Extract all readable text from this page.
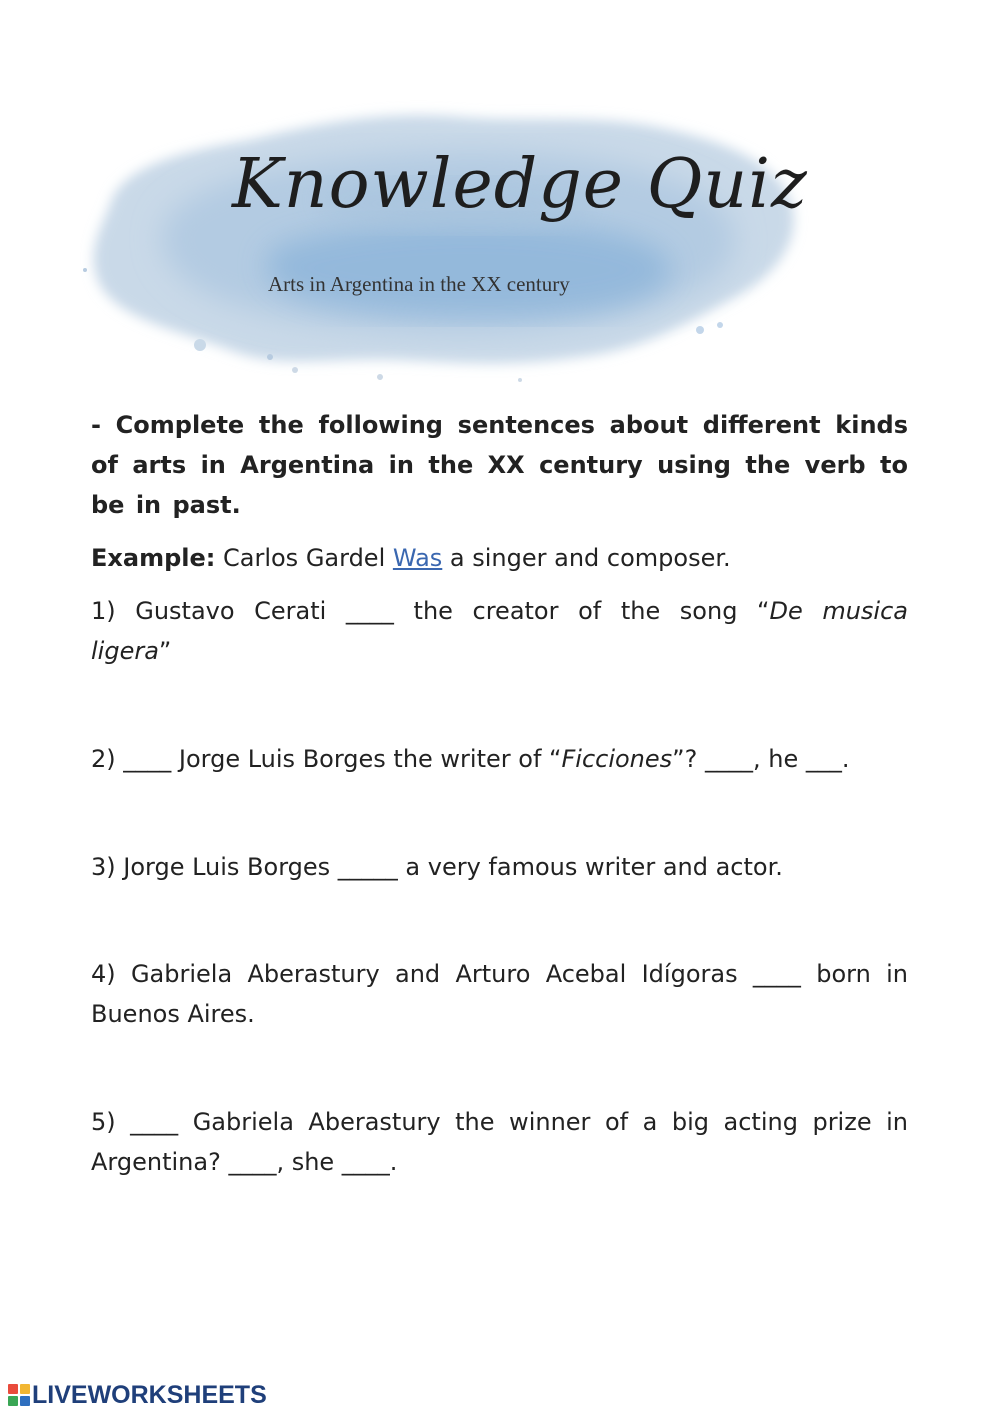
Knowledge Quiz
Arts in Argentina in the XX century

- Complete the following sentences about different kinds of arts in Argentina in the XX century using the verb to be in past.

Example: Carlos Gardel Was a singer and composer.

1) Gustavo Cerati ____ the creator of the song “De musica ligera”

2) ____ Jorge Luis Borges the writer of “Ficciones”? ____, he ___.

3) Jorge Luis Borges _____ a very famous writer and actor.

4) Gabriela Aberastury and Arturo Acebal Idígoras ____ born in Buenos Aires.

5) ____ Gabriela Aberastury the winner of a big acting prize in Argentina? ____, she ____.

LIVEWORKSHEETS
